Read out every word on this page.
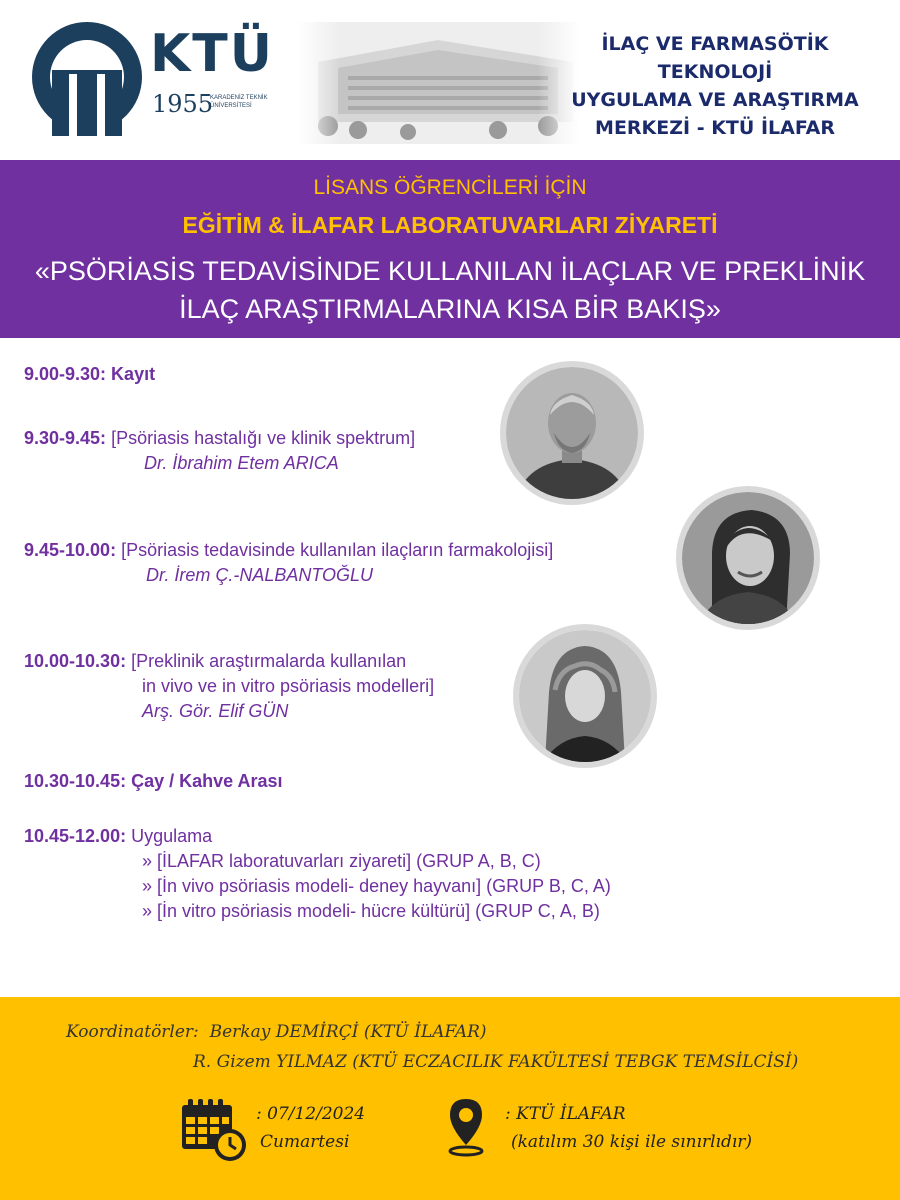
KTÜ
1955
KARADENİZ TEKNİK ÜNİVERSİTESİ
İLAÇ VE FARMASÖTİK TEKNOLOJİ
UYGULAMA VE ARAŞTIRMA
MERKEZİ - KTÜ İLAFAR
LİSANS ÖĞRENCİLERİ İÇİN
EĞİTİM & İLAFAR LABORATUVARLARI ZİYARETİ
«PSÖRİASİS TEDAVİSİNDE KULLANILAN İLAÇLAR VE PREKLİNİK
İLAÇ ARAŞTIRMALARINA KISA BİR BAKIŞ»
9.00-9.30: Kayıt
9.30-9.45: [Psöriasis hastalığı ve klinik spektrum]
Dr. İbrahim Etem ARICA
9.45-10.00: [Psöriasis tedavisinde kullanılan ilaçların farmakolojisi]
Dr. İrem Ç.-NALBANTOĞLU
10.00-10.30: [Preklinik araştırmalarda kullanılan
in vivo ve in vitro psöriasis modelleri]
Arş. Gör. Elif GÜN
10.30-10.45: Çay / Kahve Arası
10.45-12.00: Uygulama
» [İLAFAR laboratuvarları ziyareti] (GRUP A, B, C)
» [İn vivo psöriasis modeli- deney hayvanı] (GRUP B, C, A)
» [İn vitro psöriasis modeli- hücre kültürü] (GRUP C, A, B)
Koordinatörler: Berkay DEMİRÇİ (KTÜ İLAFAR)
R. Gizem YILMAZ (KTÜ ECZACILIK FAKÜLTESİ TEBGK TEMSİLCİSİ)
: 07/12/2024
Cumartesi
: KTÜ İLAFAR
(katılım 30 kişi ile sınırlıdır)
